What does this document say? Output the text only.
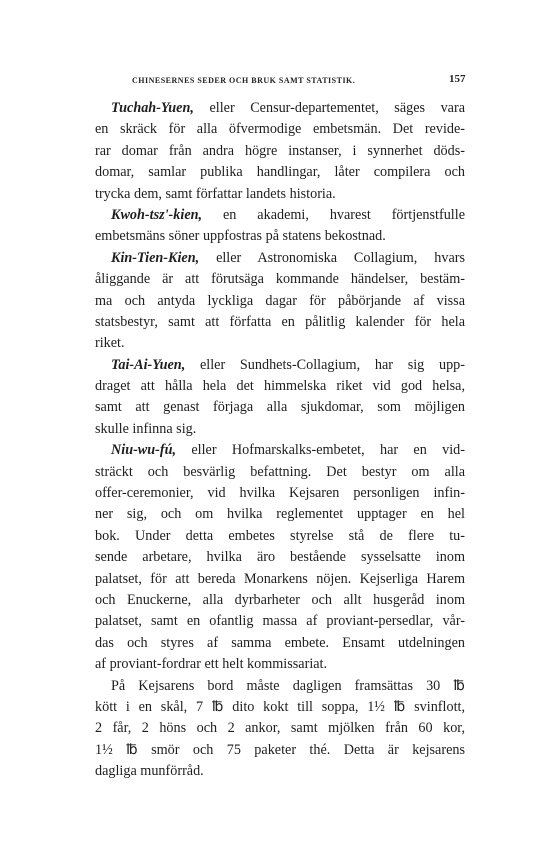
CHINESERNES SEDER OCH BRUK SAMT STATISTIK.	157
Tuchah-Yuen, eller Censur-departementet, säges vara
en skräck för alla öfvermodige embetsmän. Det revide-
rar domar från andra högre instanser, i synnerhet döds-
domar, samlar publika handlingar, låter compilera och
trycka dem, samt författar landets historia.
Kwoh-tsz'-kien, en akademi, hvarest förtjenstfulle
embetsmäns söner uppfostras på statens bekostnad.
Kin-Tien-Kien, eller Astronomiska Collagium, hvars
åliggande är att förutsäga kommande händelser, bestäm-
ma och antyda lyckliga dagar för påbörjande af vissa
statsbestyr, samt att författa en pålitlig kalender för hela
riket.
Tai-Ai-Yuen, eller Sundhets-Collagium, har sig upp-
draget att hålla hela det himmelska riket vid god helsa,
samt att genast förjaga alla sjukdomar, som möjligen
skulle infinna sig.
Niu-wu-fú, eller Hofmarskalks-embetet, har en vid-
sträckt och besvärlig befattning. Det bestyr om alla
offer-ceremonier, vid hvilka Kejsaren personligen infin-
ner sig, och om hvilka reglementet upptager en hel
bok. Under detta embetes styrelse stå de flere tu-
sende arbetare, hvilka äro bestående sysselsatte inom
palatset, för att bereda Monarkens nöjen. Kejserliga Harem
och Enuckerne, alla dyrbarheter och allt husgeråd inom
palatset, samt en ofantlig massa af proviant-persedlar, vår-
das och styres af samma embete. Ensamt utdelningen
af proviant-fordrar ett helt kommissariat.
På Kejsarens bord måste dagligen framsättas 30 ℔
kött i en skål, 7 ℔ dito kokt till soppa, 1½ ℔ svinflott,
2 får, 2 höns och 2 ankor, samt mjölken från 60 kor,
1½ ℔ smör och 75 paketer thé. Detta är kejsarens
dagliga munförråd.
